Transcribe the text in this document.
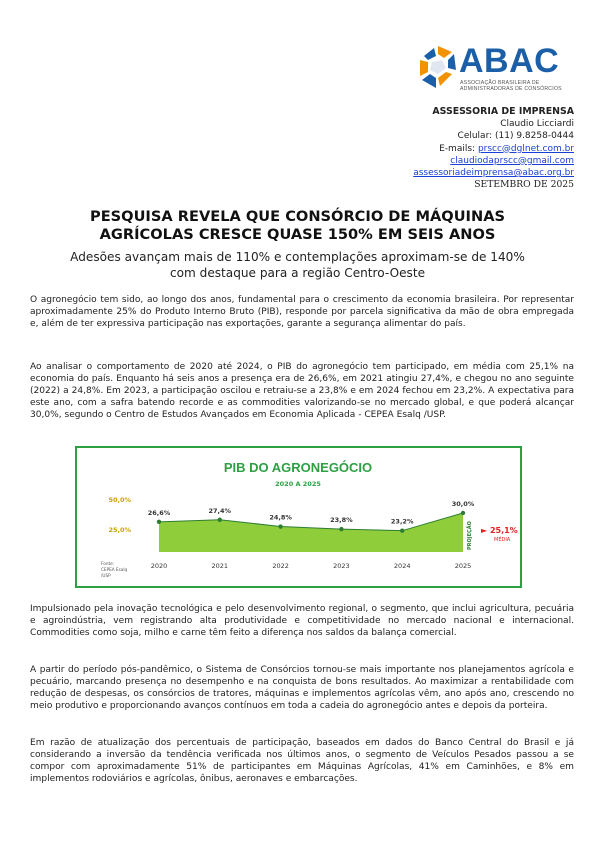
ABAC
ASSOCIAÇÃO BRASILEIRA DE
ADMINISTRADORAS DE CONSÓRCIOS
ASSESSORIA DE IMPRENSA
Claudio Licciardi
Celular: (11) 9.8258-0444
E-mails: prscc@dglnet.com.br
claudiodaprscc@gmail.com
assessoriadeimprensa@abac.org.br
SETEMBRO DE 2025
PESQUISA REVELA QUE CONSÓRCIO DE MÁQUINAS
AGRÍCOLAS CRESCE QUASE 150% EM SEIS ANOS
Adesões avançam mais de 110% e contemplações aproximam-se de 140%
com destaque para a região Centro-Oeste

O agronegócio tem sido, ao longo dos anos, fundamental para o crescimento da economia brasileira. Por representar aproximadamente 25% do Produto Interno Bruto (PIB), responde por parcela significativa da mão de obra empregada e, além de ter expressiva participação nas exportações, garante a segurança alimentar do país.

Ao analisar o comportamento de 2020 até 2024, o PIB do agronegócio tem participado, em média com 25,1% na economia do país. Enquanto há seis anos a presença era de 26,6%, em 2021 atingiu 27,4%, e chegou no ano seguinte (2022) a 24,8%. Em 2023, a participação oscilou e retraiu-se a 23,8% e em 2024 fechou em 23,2%. A expectativa para este ano, com a safra batendo recorde e as commodities valorizando-se no mercado global, e que poderá alcançar 30,0%, segundo o Centro de Estudos Avançados em Economia Aplicada - CEPEA Esalq /USP.

PIB DO AGRONEGÓCIO
2020 A 2025
50,0%
25,0%
26,6%	27,4%
24,8%	23,8%	23,2%
30,0%
2020	2021	2022	2023	2024	2025
PROJEÇÃO ► 25,1%
MÉDIA
Fonte:
CEPEA Esalq
/USP

Impulsionado pela inovação tecnológica e pelo desenvolvimento regional, o segmento, que inclui agricultura, pecuária e agroindústria, vem registrando alta produtividade e competitividade no mercado nacional e internacional. Commodities como soja, milho e carne têm feito a diferença nos saldos da balança comercial.

A partir do período pós-pandêmico, o Sistema de Consórcios tornou-se mais importante nos planejamentos agrícola e pecuário, marcando presença no desempenho e na conquista de bons resultados. Ao maximizar a rentabilidade com redução de despesas, os consórcios de tratores, máquinas e implementos agrícolas vêm, ano após ano, crescendo no meio produtivo e proporcionando avanços contínuos em toda a cadeia do agronegócio antes e depois da porteira.

Em razão de atualização dos percentuais de participação, baseados em dados do Banco Central do Brasil e já considerando a inversão da tendência verificada nos últimos anos, o segmento de Veículos Pesados passou a se compor com aproximadamente 51% de participantes em Máquinas Agrícolas, 41% em Caminhões, e 8% em implementos rodoviários e agrícolas, ônibus, aeronaves e embarcações.
